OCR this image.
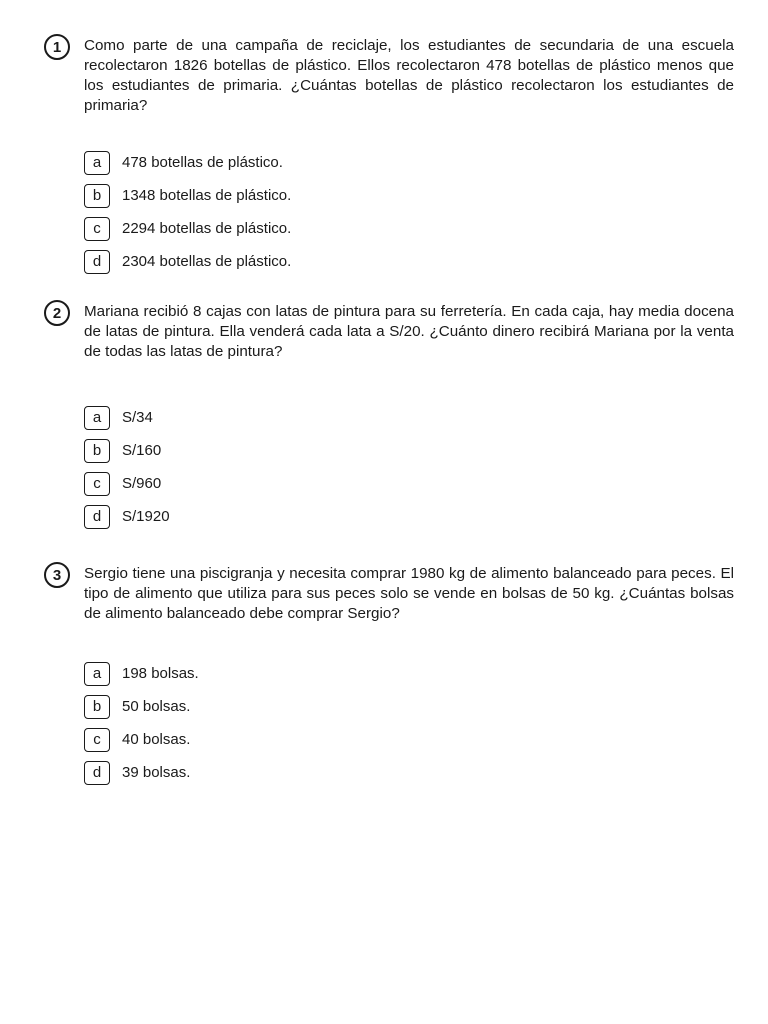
1	Como parte de una campaña de reciclaje, los estudiantes de secundaria de una escuela recolectaron 1826 botellas de plástico. Ellos recolectaron 478 botellas de plástico menos que los estudiantes de primaria. ¿Cuántas botellas de plástico recolectaron los estudiantes de primaria?

a	478 botellas de plástico.
b	1348 botellas de plástico.
c	2294 botellas de plástico.
d	2304 botellas de plástico.
2	Mariana recibió 8 cajas con latas de pintura para su ferretería. En cada caja, hay media docena de latas de pintura. Ella venderá cada lata a S/20. ¿Cuánto dinero recibirá Mariana por la venta de todas las latas de pintura?

a	S/34
b	S/160
c	S/960
d	S/1920
3	Sergio tiene una piscigranja y necesita comprar 1980 kg de alimento balanceado para peces. El tipo de alimento que utiliza para sus peces solo se vende en bolsas de 50 kg. ¿Cuántas bolsas de alimento balanceado debe comprar Sergio?

a	198 bolsas.
b	50 bolsas.
c	40 bolsas.
d	39 bolsas.
